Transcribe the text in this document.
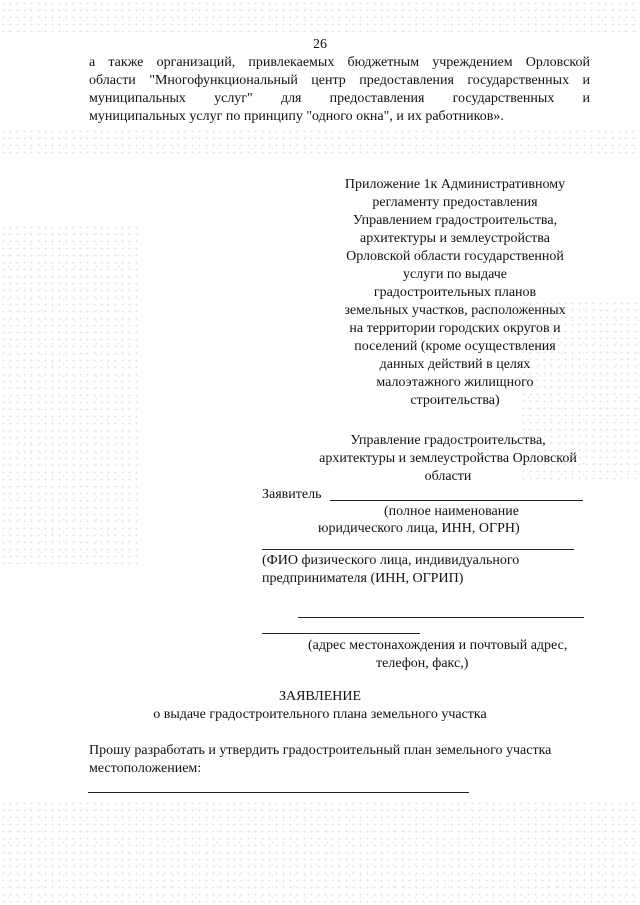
26
а также организаций, привлекаемых бюджетным учреждением Орловской
области "Многофункциональный центр предоставления государственных и
муниципальных услуг" для предоставления государственных и
муниципальных услуг по принципу "одного окна", и их работников».
Приложение 1к Административному
регламенту предоставления
Управлением градостроительства,
архитектуры и землеустройства
Орловской области государственной
услуги по выдаче
градостроительных планов
земельных участков, расположенных
на территории городских округов и
поселений (кроме осуществления
данных действий в целях
малоэтажного жилищного
строительства)
Управление градостроительства,
архитектуры и землеустройства Орловской
области
Заявитель
(полное наименование
юридического лица, ИНН, ОГРН)
(ФИО физического лица, индивидуального
предпринимателя (ИНН, ОГРИП)
(адрес местонахождения и почтовый адрес,
телефон, факс,)
ЗАЯВЛЕНИЕ
о выдаче градостроительного плана земельного участка
Прошу разработать и утвердить градостроительный план земельного участка
местоположением:
